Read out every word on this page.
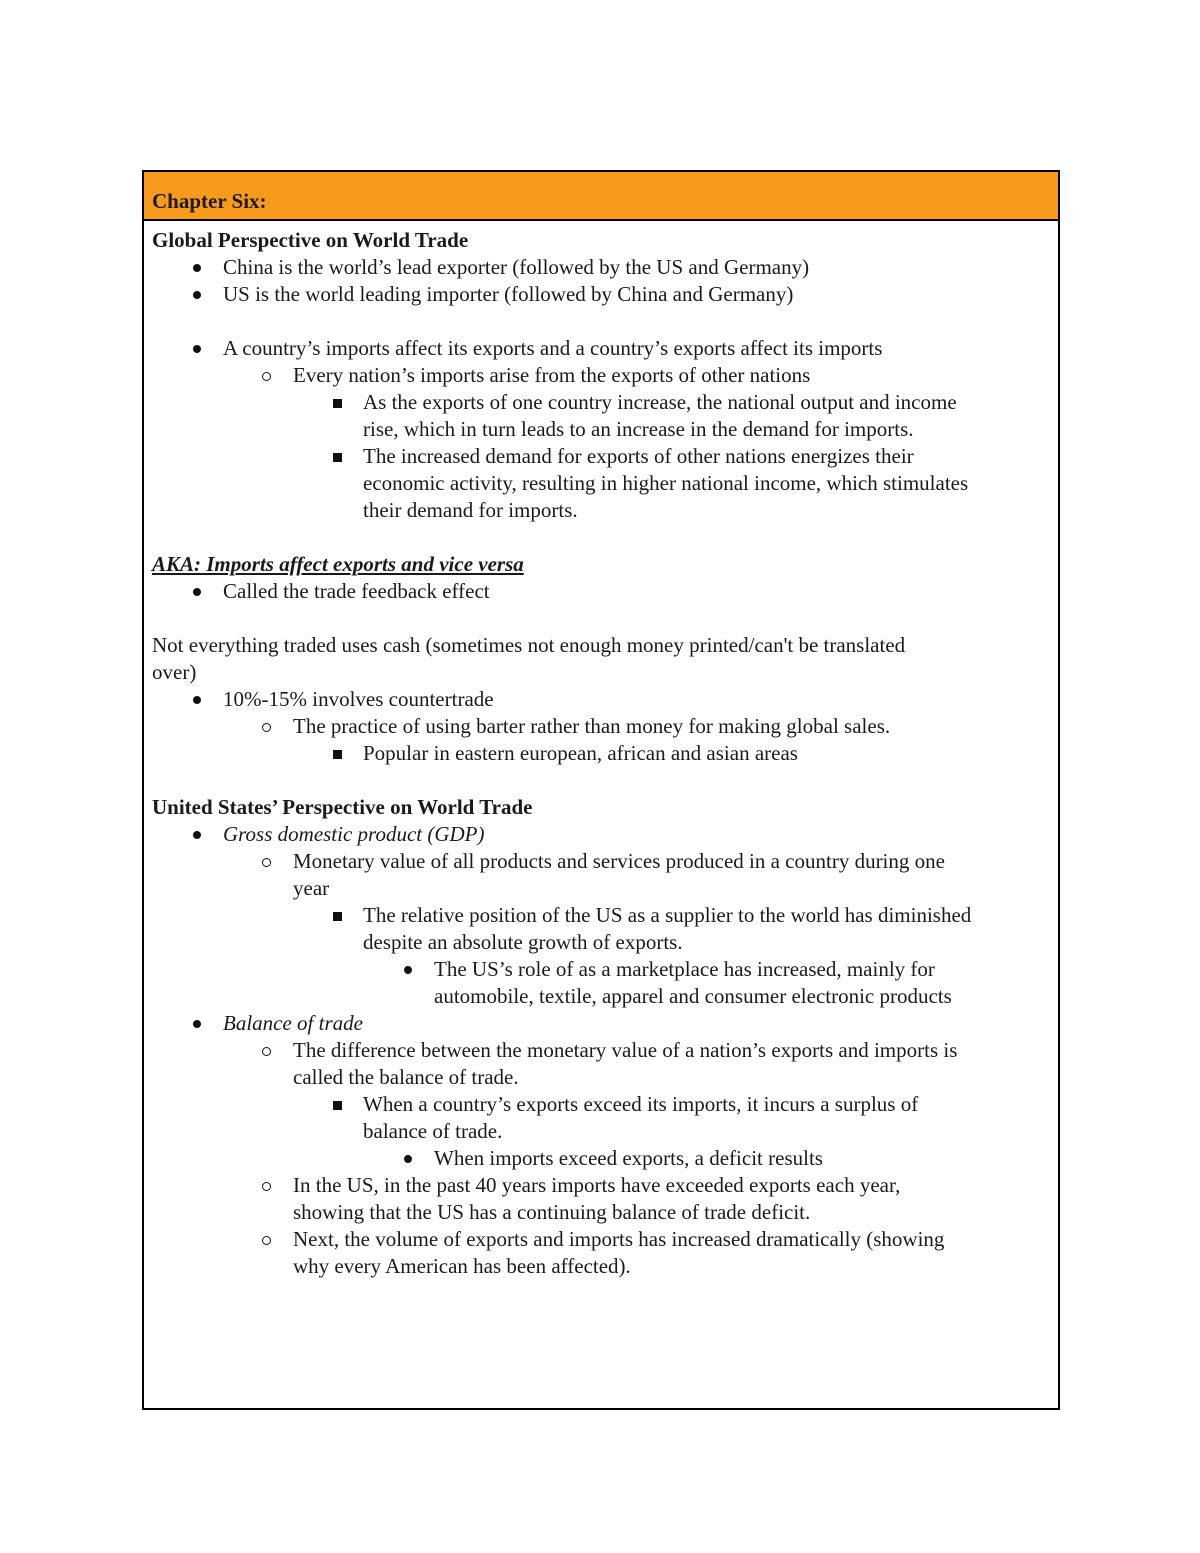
Chapter Six:
Global Perspective on World Trade
China is the world’s lead exporter (followed by the US and Germany)
US is the world leading importer (followed by China and Germany)
A country’s imports affect its exports and a country’s exports affect its imports
Every nation’s imports arise from the exports of other nations
As the exports of one country increase, the national output and income
rise, which in turn leads to an increase in the demand for imports.
The increased demand for exports of other nations energizes their
economic activity, resulting in higher national income, which stimulates
their demand for imports.
AKA: Imports affect exports and vice versa
Called the trade feedback effect
Not everything traded uses cash (sometimes not enough money printed/can't be translated
over)
10%-15% involves countertrade
The practice of using barter rather than money for making global sales.
Popular in eastern european, african and asian areas
United States’ Perspective on World Trade
Gross domestic product (GDP)
Monetary value of all products and services produced in a country during one
year
The relative position of the US as a supplier to the world has diminished
despite an absolute growth of exports.
The US’s role of as a marketplace has increased, mainly for
automobile, textile, apparel and consumer electronic products
Balance of trade
The difference between the monetary value of a nation’s exports and imports is
called the balance of trade.
When a country’s exports exceed its imports, it incurs a surplus of
balance of trade.
When imports exceed exports, a deficit results
In the US, in the past 40 years imports have exceeded exports each year,
showing that the US has a continuing balance of trade deficit.
Next, the volume of exports and imports has increased dramatically (showing
why every American has been affected).
